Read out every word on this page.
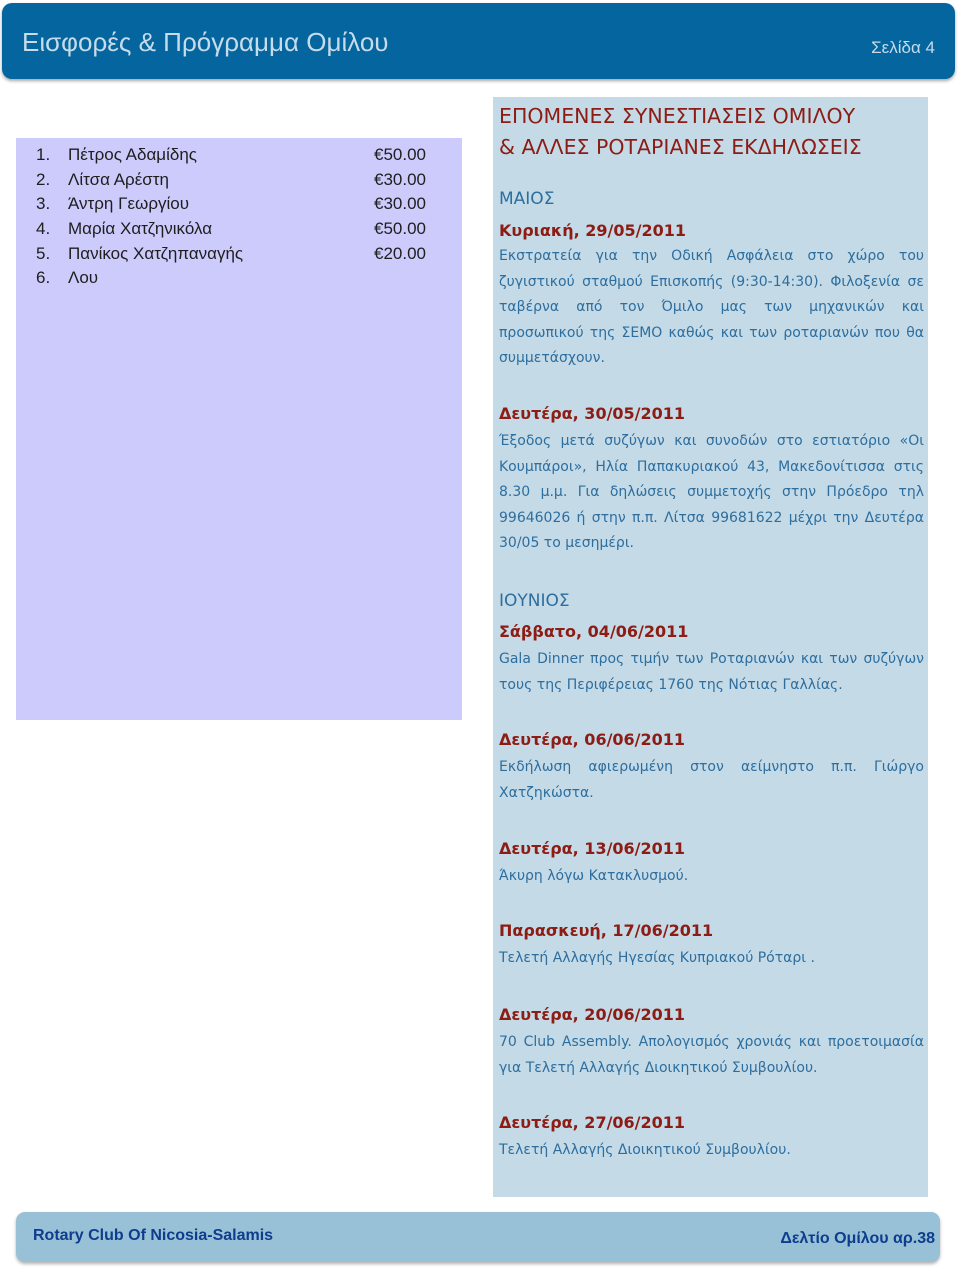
Εισφορές & Πρόγραμμα Ομίλου	Σελίδα 4
1.	Πέτρος Αδαμίδης	€50.00
2.	Λίτσα Αρέστη	€30.00
3.	Άντρη Γεωργίου	€30.00
4.	Μαρία Χατζηνικόλα	€50.00
5.	Πανίκος Χατζηπαναγής	€20.00
6.	Λου
ΕΠΟΜΕΝΕΣ ΣΥΝΕΣΤΙΑΣΕΙΣ ΟΜΙΛΟΥ
& ΑΛΛΕΣ ΡΟΤΑΡΙΑΝΕΣ ΕΚΔΗΛΩΣΕΙΣ

ΜΑΙΟΣ

Κυριακή, 29/05/2011

Εκστρατεία για την Οδική Ασφάλεια στο χώρο του ζυγιστικού σταθμού Επισκοπής (9:30-14:30). Φιλοξενία σε ταβέρνα από τον Όμιλο μας των μηχανικών και προσωπικού της ΣΕΜΟ καθώς και των ροταριανών που θα συμμετάσχουν.

Δευτέρα, 30/05/2011

Έξοδος μετά συζύγων και συνοδών στο εστιατόριο «Οι Κουμπάροι», Ηλία Παπακυριακού 43, Μακεδονίτισσα στις 8.30 μ.μ. Για δηλώσεις συμμετοχής στην Πρόεδρο τηλ 99646026 ή στην π.π. Λίτσα 99681622 μέχρι την Δευτέρα 30/05 το μεσημέρι.

ΙΟΥΝΙΟΣ

Σάββατο, 04/06/2011

Gala Dinner προς τιμήν των Ροταριανών και των συζύγων τους της Περιφέρειας 1760 της Νότιας Γαλλίας.

Δευτέρα, 06/06/2011

Εκδήλωση αφιερωμένη στον αείμνηστο π.π. Γιώργο Χατζηκώστα.

Δευτέρα, 13/06/2011

Άκυρη λόγω Κατακλυσμού.

Παρασκευή, 17/06/2011

Τελετή Αλλαγής Ηγεσίας Κυπριακού Ρόταρι .

Δευτέρα, 20/06/2011

70 Club Assembly. Απολογισμός χρονιάς και προετοιμασία για Τελετή Αλλαγής Διοικητικού Συμβουλίου.

Δευτέρα, 27/06/2011

Τελετή Αλλαγής Διοικητικού Συμβουλίου.

Rotary Club Of Nicosia-Salamis	Δελτίο Ομίλου αρ.38
